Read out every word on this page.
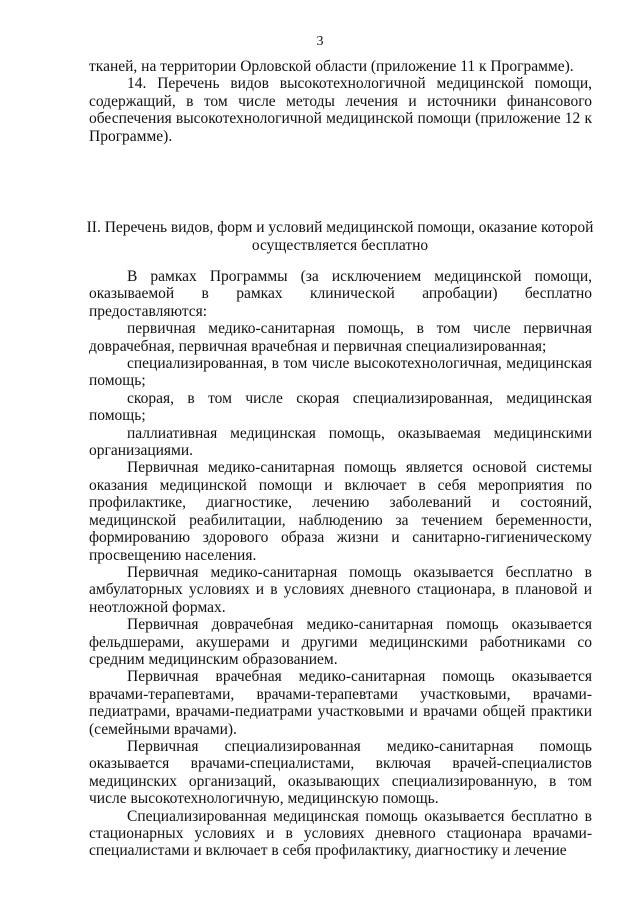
3

тканей, на территории Орловской области (приложение 11 к Программе).

14. Перечень видов высокотехнологичной медицинской помощи, содержащий, в том числе методы лечения и источники финансового обеспечения высокотехнологичной медицинской помощи (приложение 12 к Программе).

II. Перечень видов, форм и условий медицинской помощи, оказание которой осуществляется бесплатно

В рамках Программы (за исключением медицинской помощи, оказываемой в рамках клинической апробации) бесплатно предоставляются:

первичная медико-санитарная помощь, в том числе первичная доврачебная, первичная врачебная и первичная специализированная;

специализированная, в том числе высокотехнологичная, медицинская помощь;

скорая, в том числе скорая специализированная, медицинская помощь;

паллиативная медицинская помощь, оказываемая медицинскими организациями.

Первичная медико-санитарная помощь является основой системы оказания медицинской помощи и включает в себя мероприятия по профилактике, диагностике, лечению заболеваний и состояний, медицинской реабилитации, наблюдению за течением беременности, формированию здорового образа жизни и санитарно-гигиеническому просвещению населения.

Первичная медико-санитарная помощь оказывается бесплатно в амбулаторных условиях и в условиях дневного стационара, в плановой и неотложной формах.

Первичная доврачебная медико-санитарная помощь оказывается фельдшерами, акушерами и другими медицинскими работниками со средним медицинским образованием.

Первичная врачебная медико-санитарная помощь оказывается врачами-терапевтами, врачами-терапевтами участковыми, врачами-педиатрами, врачами-педиатрами участковыми и врачами общей практики (семейными врачами).

Первичная специализированная медико-санитарная помощь оказывается врачами-специалистами, включая врачей-специалистов медицинских организаций, оказывающих специализированную, в том числе высокотехнологичную, медицинскую помощь.

Специализированная медицинская помощь оказывается бесплатно в стационарных условиях и в условиях дневного стационара врачами-специалистами и включает в себя профилактику, диагностику и лечение
